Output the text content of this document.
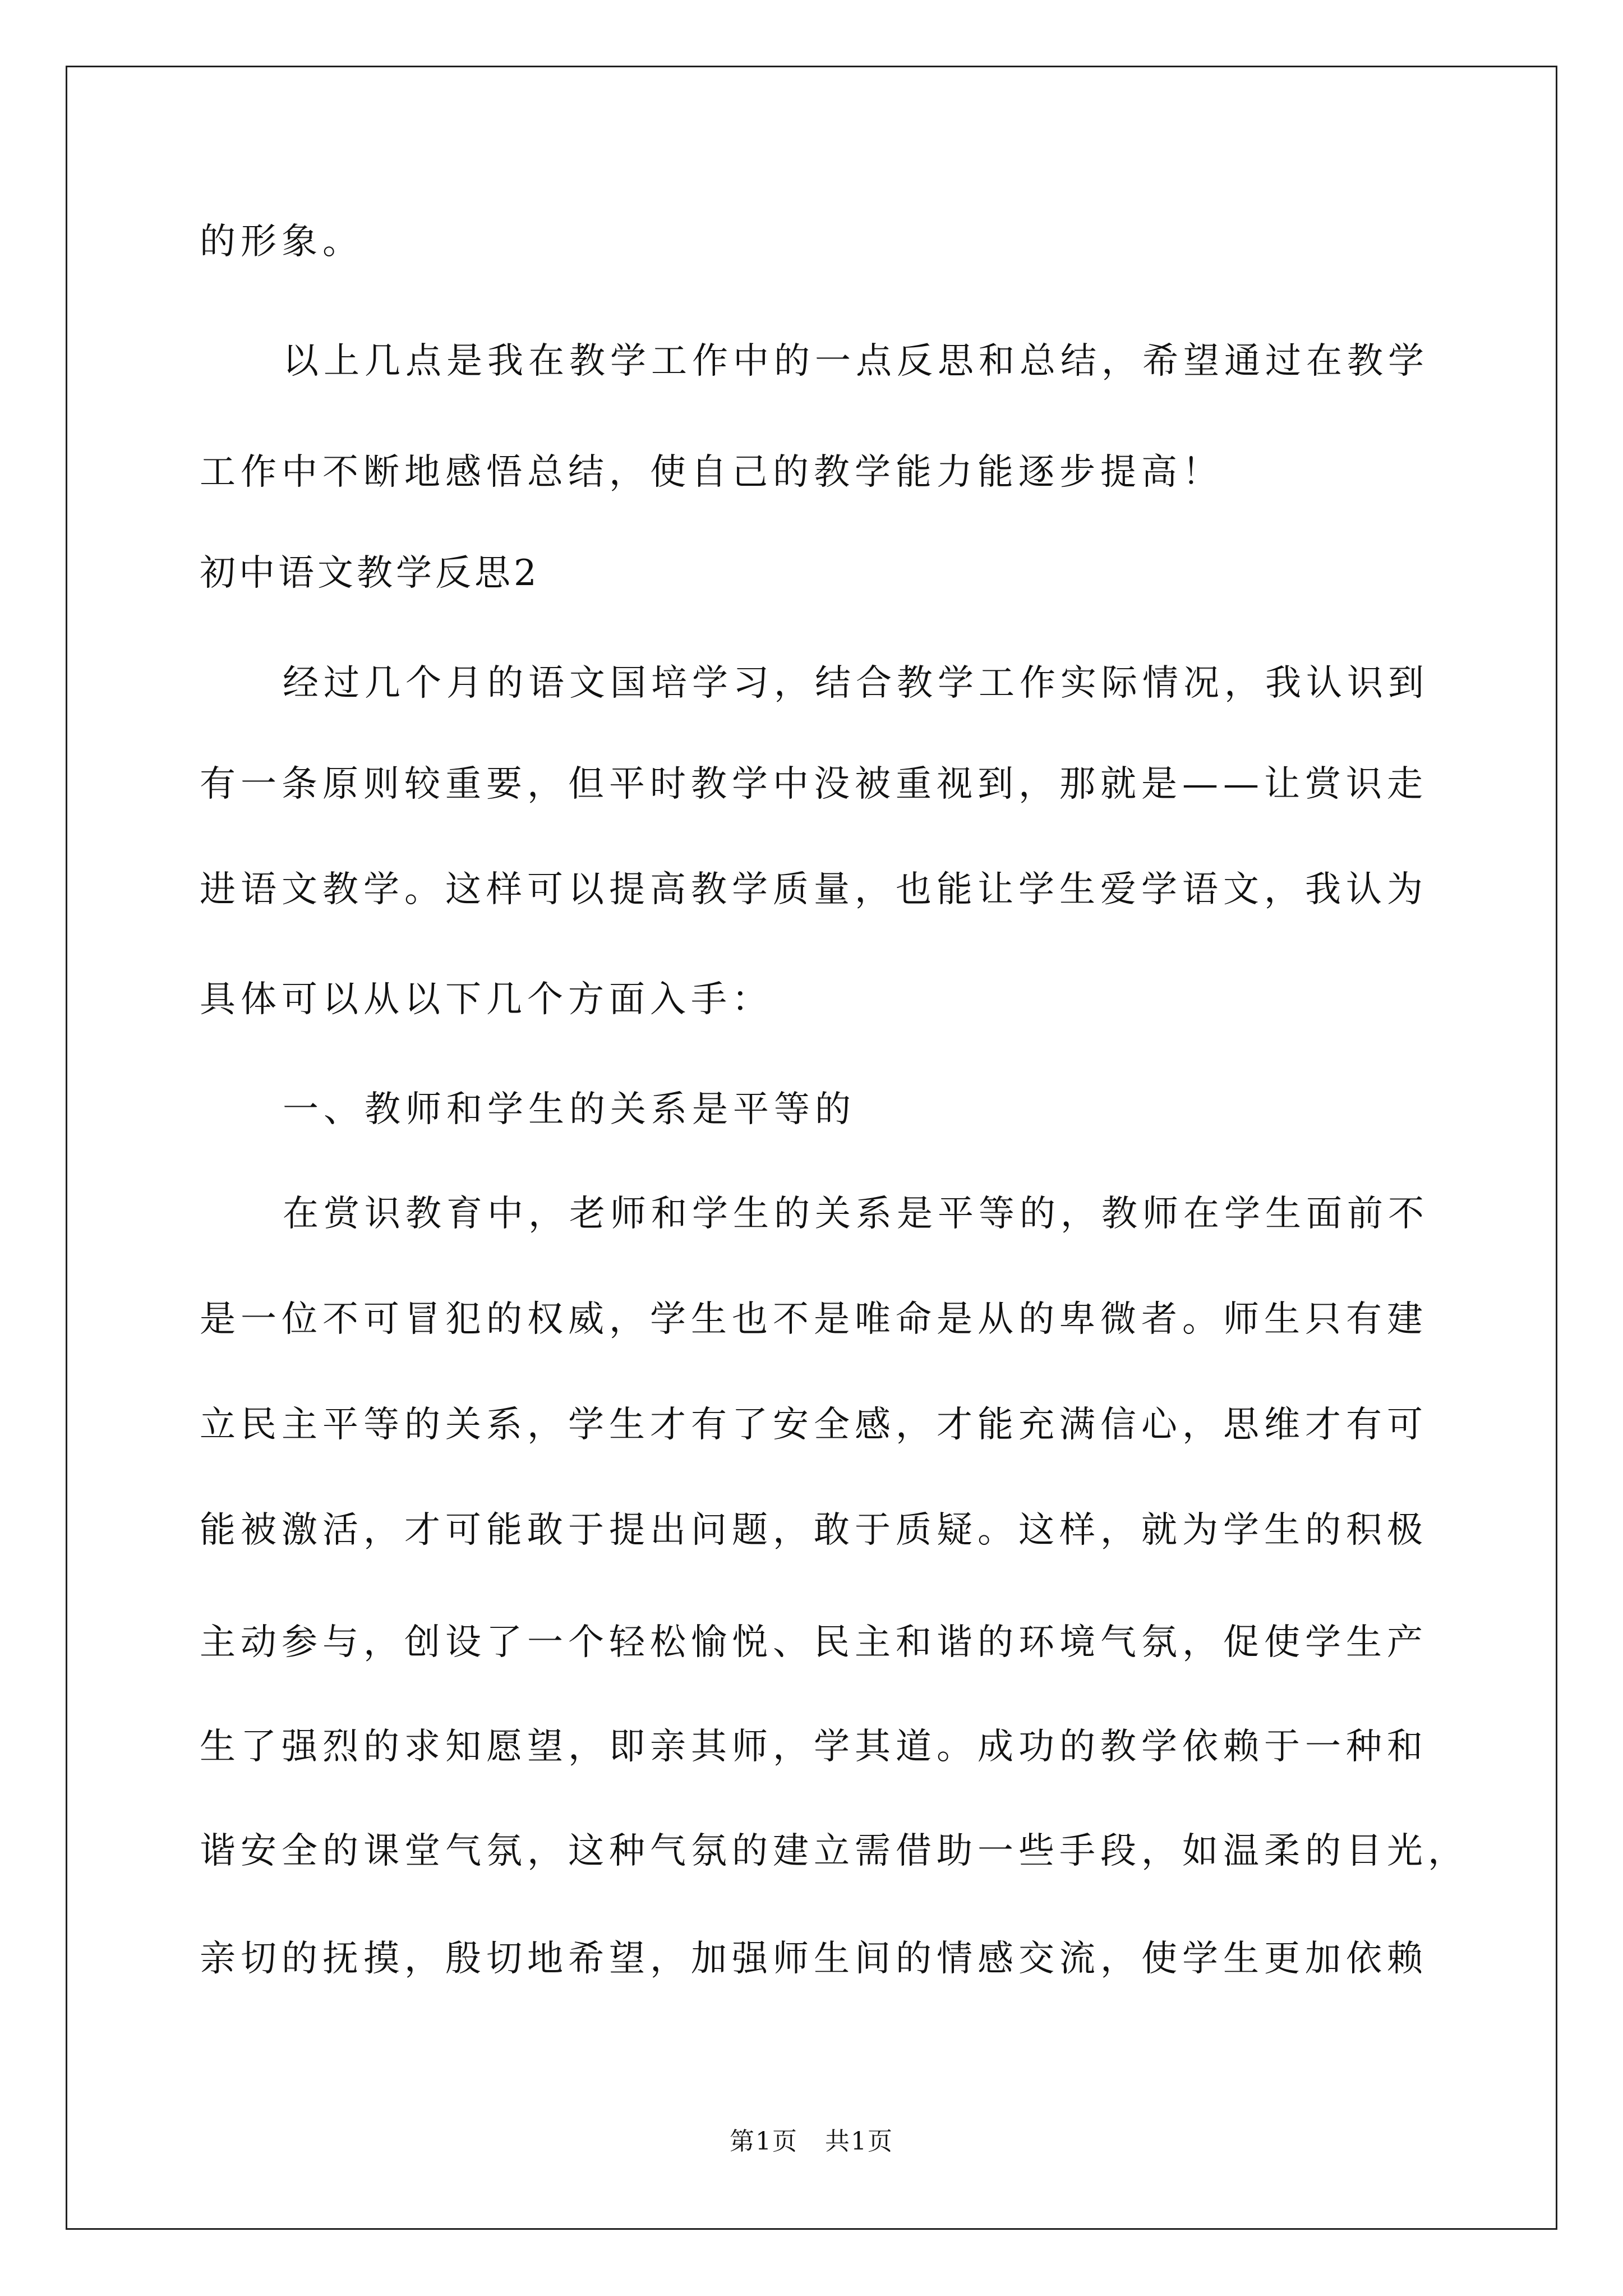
的形象。
以上几点是我在教学工作中的一点反思和总结，希望通过在教学
工作中不断地感悟总结，使自己的教学能力能逐步提高！
初中语文教学反思2
经过几个月的语文国培学习，结合教学工作实际情况，我认识到
有一条原则较重要，但平时教学中没被重视到，那就是——让赏识走
进语文教学。这样可以提高教学质量，也能让学生爱学语文，我认为
具体可以从以下几个方面入手：
一、教师和学生的关系是平等的
在赏识教育中，老师和学生的关系是平等的，教师在学生面前不
是一位不可冒犯的权威，学生也不是唯命是从的卑微者。师生只有建
立民主平等的关系，学生才有了安全感，才能充满信心，思维才有可
能被激活，才可能敢于提出问题，敢于质疑。这样，就为学生的积极
主动参与，创设了一个轻松愉悦、民主和谐的环境气氛，促使学生产
生了强烈的求知愿望，即亲其师，学其道。成功的教学依赖于一种和
谐安全的课堂气氛，这种气氛的建立需借助一些手段，如温柔的目光，
亲切的抚摸，殷切地希望，加强师生间的情感交流，使学生更加依赖
第1页   共1页
